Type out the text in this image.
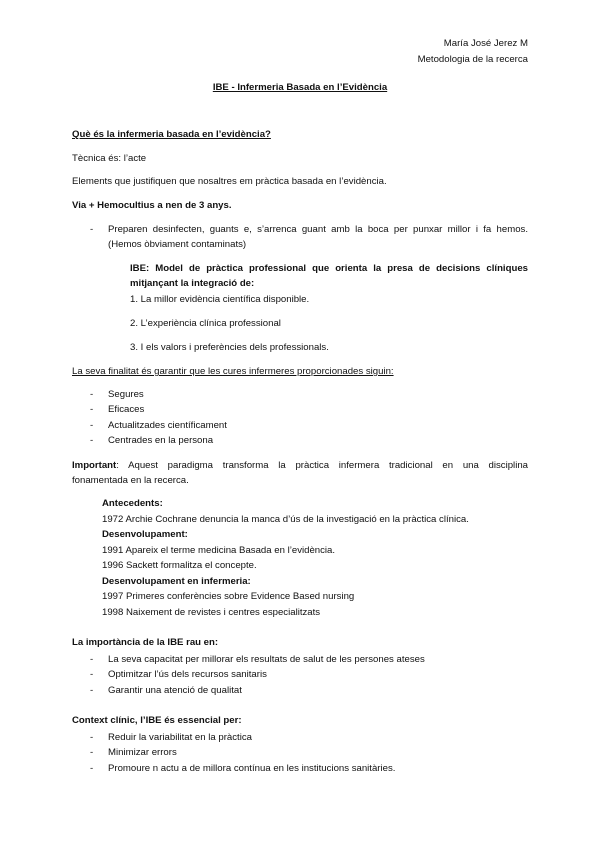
María José Jerez M
Metodologia de la recerca
IBE - Infermeria Basada en l’Evidència
Què és la infermeria basada en l’evidència?
Tècnica és: l’acte
Elements que justifiquen que nosaltres em pràctica basada en l’evidència.
Via + Hemocultius a nen de 3 anys.
- Preparen desinfecten, guants e, s’arrenca guant amb la boca per punxar millor i fa hemos.
(Hemos òbviament contaminats)
IBE: Model de pràctica professional que orienta la presa de decisions clíniques
mitjançant la integració de:
1. La millor evidència científica disponible.
2. L’experiència clínica professional
3. I els valors i preferències dels professionals.
La seva finalitat és garantir que les cures infermeres proporcionades siguin:
- Segures
- Eficaces
- Actualitzades científicament
- Centrades en la persona
Important: Aquest paradigma transforma la pràctica infermera tradicional en una disciplina
fonamentada en la recerca.
Antecedents:
1972 Archie Cochrane denuncia la manca d’ús de la investigació en la pràctica clínica.
Desenvolupament:
1991 Apareix el terme medicina Basada en l’evidència.
1996 Sackett formalitza el concepte.
Desenvolupament en infermeria:
1997 Primeres conferències sobre Evidence Based nursing
1998 Naixement de revistes i centres especialitzats
La importància de la IBE rau en:
- La seva capacitat per millorar els resultats de salut de les persones ateses
- Optimitzar l’ús dels recursos sanitaris
- Garantir una atenció de qualitat
Context clínic, l’IBE és essencial per:
- Reduir la variabilitat en la pràctica
- Minimizar errors
- Promoure n actu a de millora contínua en les institucions sanitàries.
